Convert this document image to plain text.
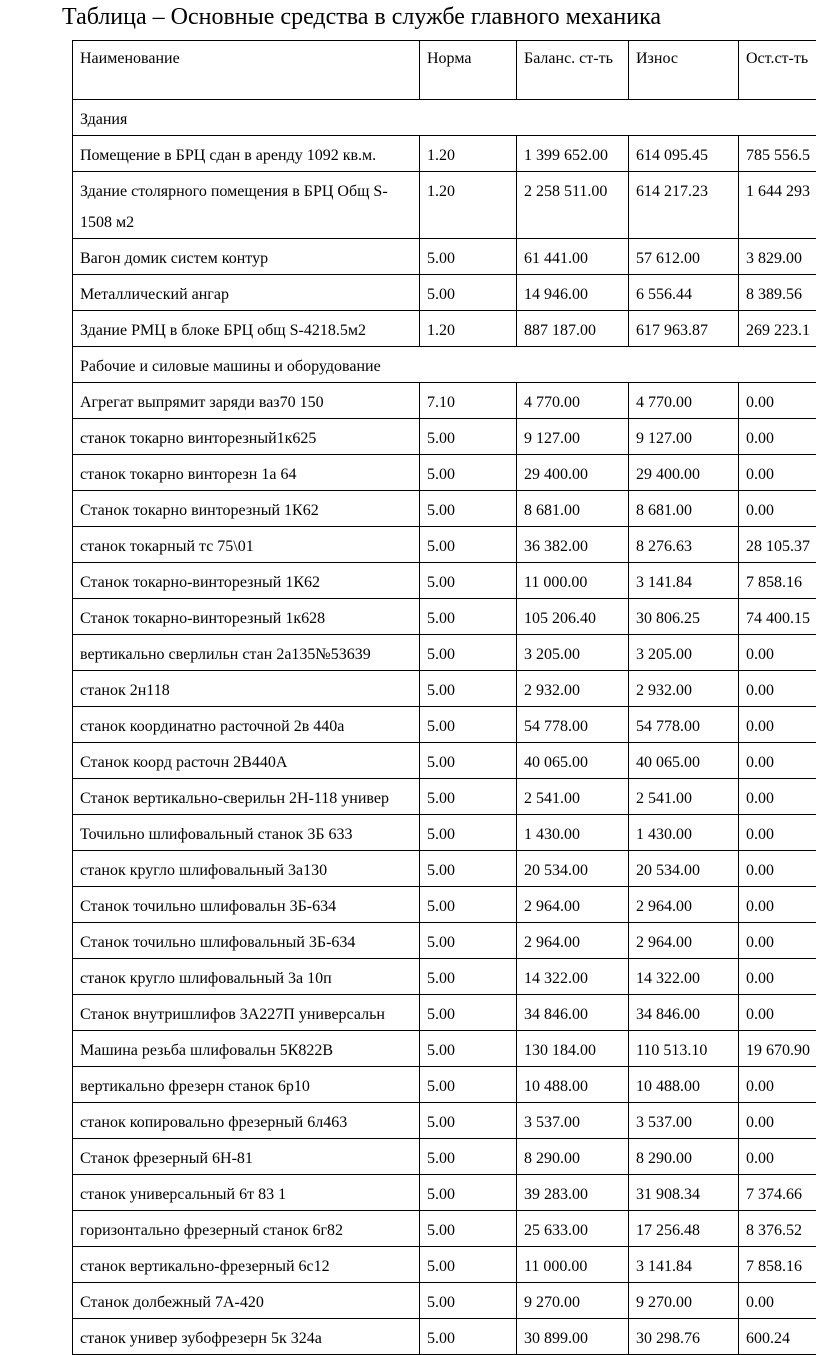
Таблица – Основные средства в службе главного механика
Наименование	Норма	Баланс. ст-ть	Износ	Ост.ст-ть
Здания				
Помещение в БРЦ сдан в аренду 1092 кв.м.	1.20	1 399 652.00	614 095.45	785 556.5
Здание столярного помещения в БРЦ Общ S-1508 м2	1.20	2 258 511.00	614 217.23	1 644 293
Вагон домик систем контур	5.00	61 441.00	57 612.00	3 829.00
Металлический ангар	5.00	14 946.00	6 556.44	8 389.56
Здание РМЦ в блоке БРЦ общ S-4218.5м2	1.20	887 187.00	617 963.87	269 223.1
Рабочие и силовые машины и оборудование				
Агрегат выпрямит заряди ваз70 150	7.10	4 770.00	4 770.00	0.00
станок токарно винторезный1к625	5.00	9 127.00	9 127.00	0.00
станок токарно винторезн 1а 64	5.00	29 400.00	29 400.00	0.00
Станок токарно винторезный 1К62	5.00	8 681.00	8 681.00	0.00
станок токарный тс 75\01	5.00	36 382.00	8 276.63	28 105.37
Станок токарно-винторезный 1К62	5.00	11 000.00	3 141.84	7 858.16
Станок токарно-винторезный 1к628	5.00	105 206.40	30 806.25	74 400.15
вертикально сверлильн стан 2а135№53639	5.00	3 205.00	3 205.00	0.00
станок 2н118	5.00	2 932.00	2 932.00	0.00
станок координатно расточной 2в 440а	5.00	54 778.00	54 778.00	0.00
Станок коорд расточн 2В440А	5.00	40 065.00	40 065.00	0.00
Станок вертикально-сверильн 2Н-118 универ	5.00	2 541.00	2 541.00	0.00
Точильно шлифовальный станок 3Б 633	5.00	1 430.00	1 430.00	0.00
станок кругло шлифовальный 3а130	5.00	20 534.00	20 534.00	0.00
Станок точильно шлифовальн 3Б-634	5.00	2 964.00	2 964.00	0.00
Станок точильно шлифовальный 3Б-634	5.00	2 964.00	2 964.00	0.00
станок кругло шлифовальный 3а 10п	5.00	14 322.00	14 322.00	0.00
Станок внутришлифов 3А227П универсальн	5.00	34 846.00	34 846.00	0.00
Машина резьба шлифовальн 5К822В	5.00	130 184.00	110 513.10	19 670.90
вертикально фрезерн станок 6р10	5.00	10 488.00	10 488.00	0.00
станок копировально фрезерный 6л463	5.00	3 537.00	3 537.00	0.00
Станок фрезерный 6Н-81	5.00	8 290.00	8 290.00	0.00
станок универсальный 6т 83 1	5.00	39 283.00	31 908.34	7 374.66
горизонтально фрезерный станок 6г82	5.00	25 633.00	17 256.48	8 376.52
станок вертикально-фрезерный 6с12	5.00	11 000.00	3 141.84	7 858.16
Станок долбежный 7А-420	5.00	9 270.00	9 270.00	0.00
станок универ зубофрезерн 5к 324а	5.00	30 899.00	30 298.76	600.24
